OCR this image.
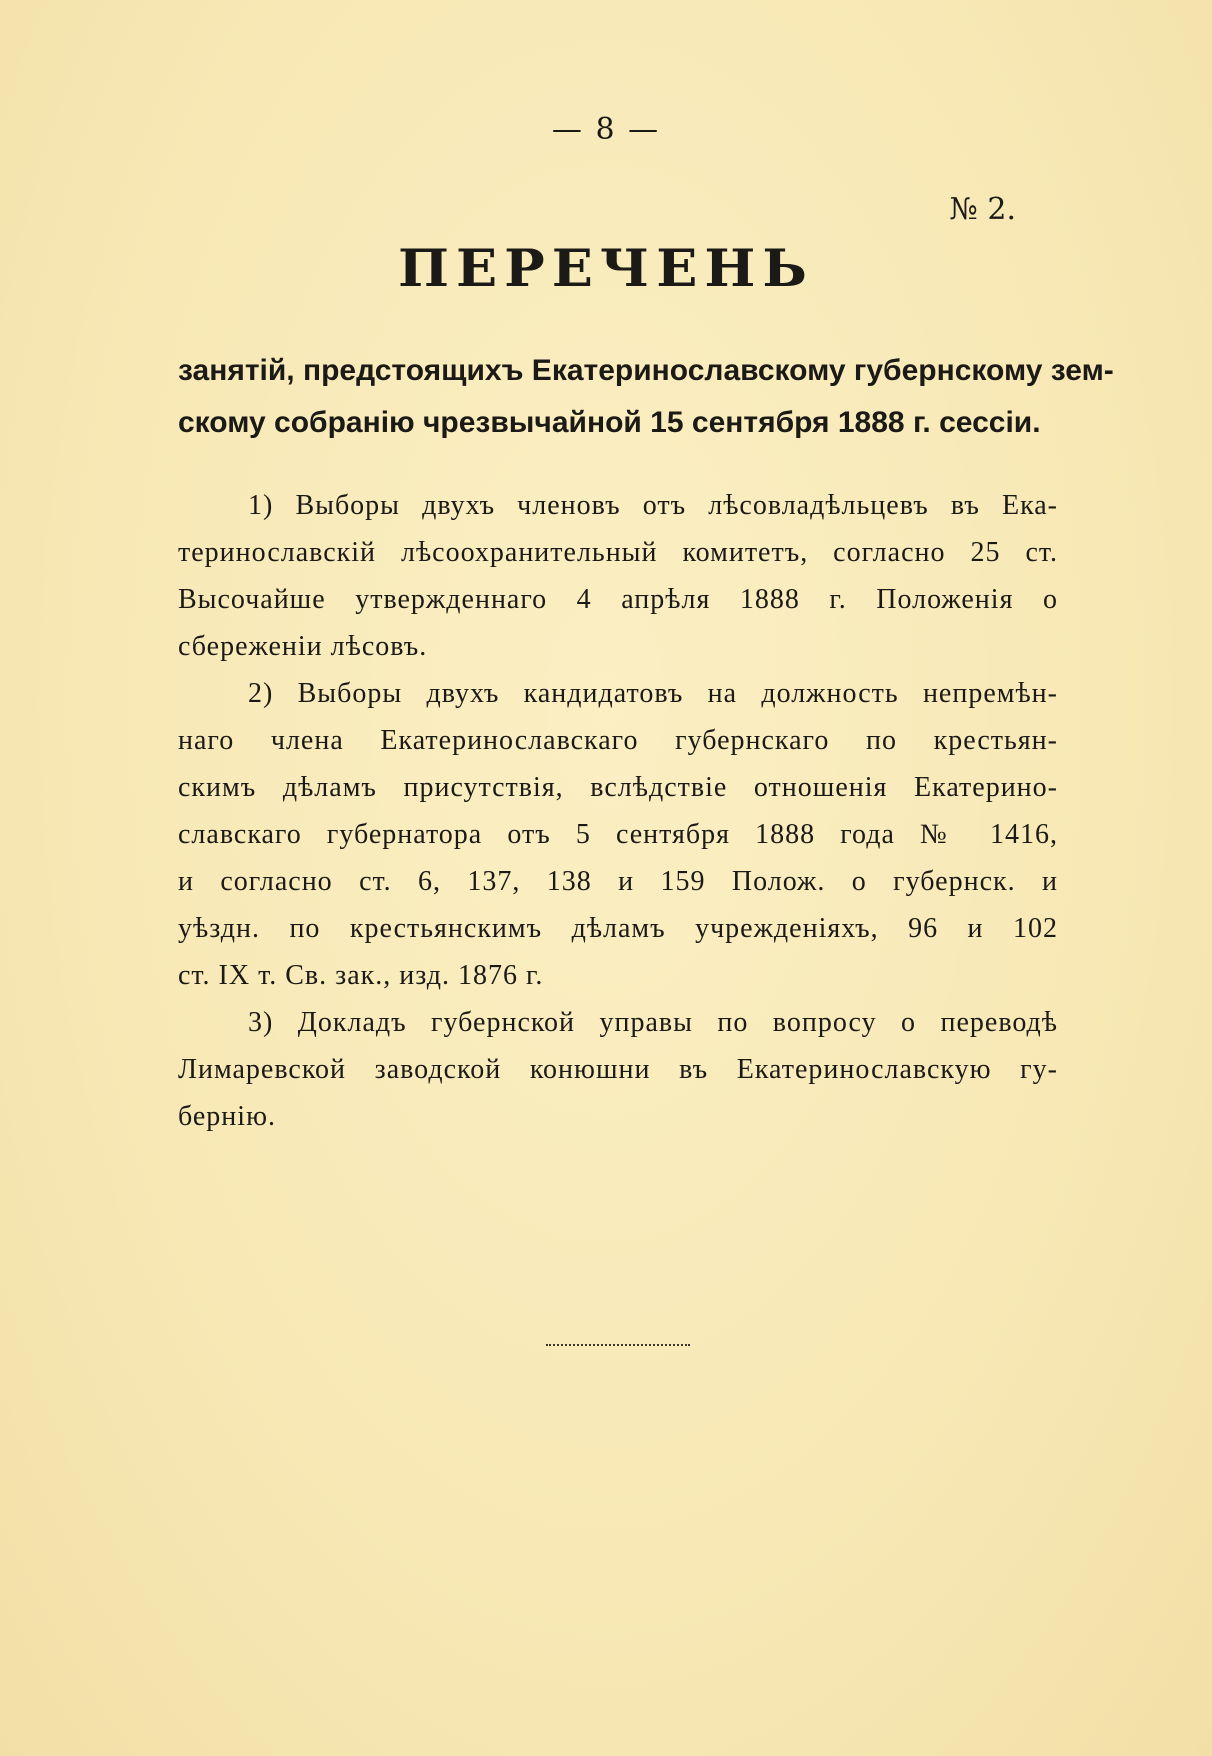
— 8 —
№ 2.
ПЕРЕЧЕНЬ
занятій, предстоящихъ Екатеринославскому губернскому зем-
скому собранію чрезвычайной 15 сентября 1888 г. сессіи.
1) Выборы двухъ членовъ отъ лѣсовладѣльцевъ въ Ека-
теринославскій лѣсоохранительный комитетъ, согласно 25 ст.
Высочайше утвержденнаго 4 апрѣля 1888 г. Положенія о
сбереженіи лѣсовъ.
2) Выборы двухъ кандидатовъ на должность непремѣн-
наго члена Екатеринославскаго губернскаго по крестьян-
скимъ дѣламъ присутствія, вслѣдствіе отношенія Екатерино-
славскаго губернатора отъ 5 сентября 1888 года № 1416,
и согласно ст. 6, 137, 138 и 159 Полож. о губернск. и
уѣздн. по крестьянскимъ дѣламъ учрежденіяхъ, 96 и 102
ст. IX т. Св. зак., изд. 1876 г.
3) Докладъ губернской управы по вопросу о переводѣ
Лимаревской заводской конюшни въ Екатеринославскую гу-
бернію.
